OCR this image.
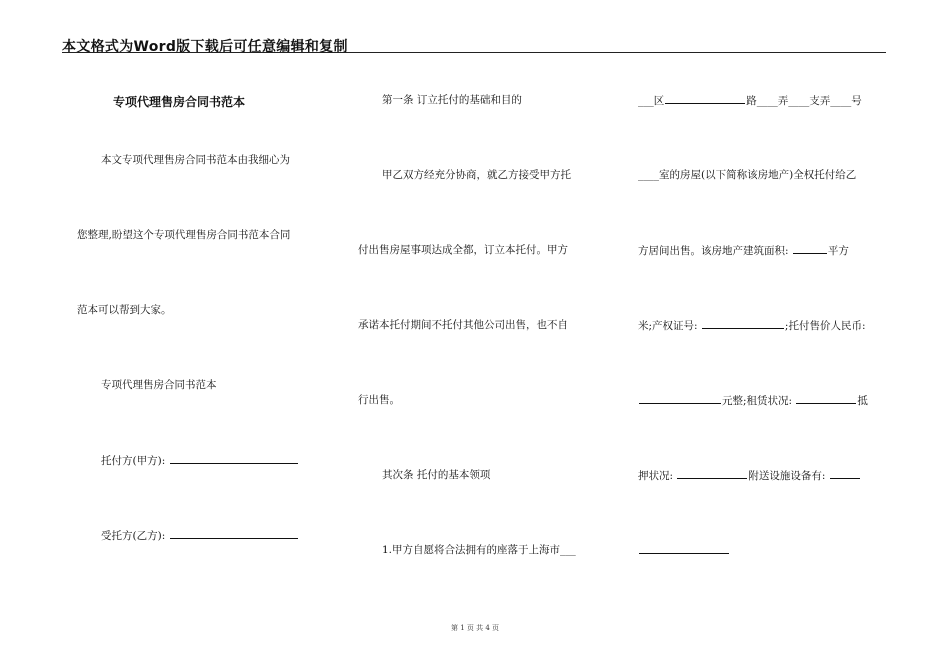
本文格式为Word版下载后可任意编辑和复制
专项代理售房合同书范本
本文专项代理售房合同书范本由我细心为
您整理,盼望这个专项代理售房合同书范本合同
范本可以帮到大家。
专项代理售房合同书范本
托付方(甲方):
受托方(乙方):
第一条 订立托付的基础和目的
甲乙双方经充分协商，就乙方接受甲方托
付出售房屋事项达成全都，订立本托付。甲方
承诺本托付期间不托付其他公司出售，也不自
行出售。
其次条 托付的基本领项
1.甲方自愿将合法拥有的座落于上海市___
___区	路____弄____支弄____号
____室的房屋(以下简称该房地产)全权托付给乙
方居间出售。该房地产建筑面积:	平方
米;产权证号:	;托付售价人民币:
元整;租赁状况:	抵
押状况:	附送设施设备有:
第 1 页 共 4 页
